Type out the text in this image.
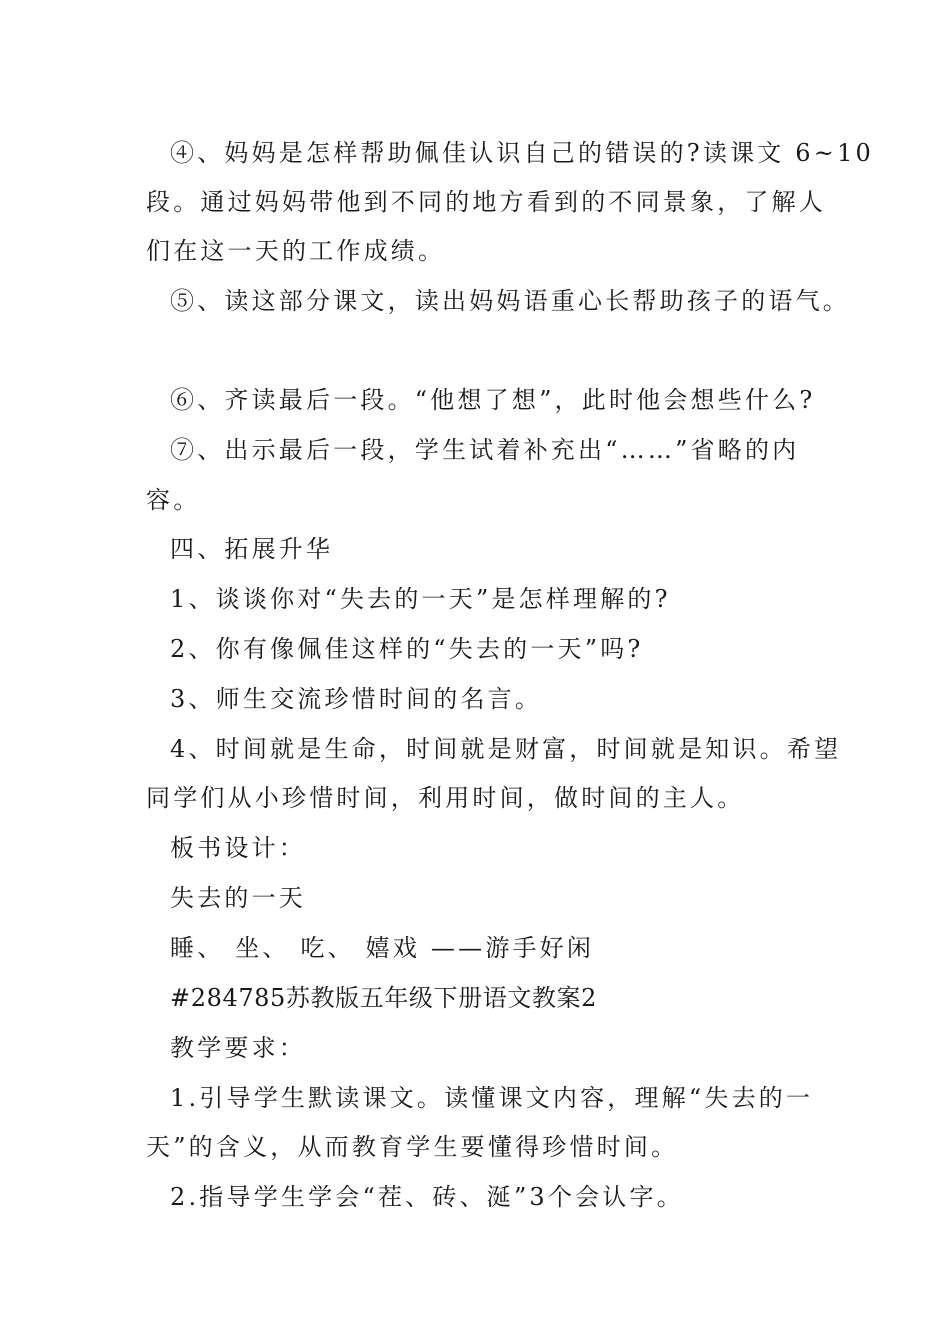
④、妈妈是怎样帮助佩佳认识自己的错误的?读课文 6~10
段。通过妈妈带他到不同的地方看到的不同景象，了解人
们在这一天的工作成绩。
⑤、读这部分课文，读出妈妈语重心长帮助孩子的语气。
⑥、齐读最后一段。“他想了想”，此时他会想些什么?
⑦、出示最后一段，学生试着补充出“……”省略的内
容。
四、拓展升华
1、谈谈你对“失去的一天”是怎样理解的?
2、你有像佩佳这样的“失去的一天”吗?
3、师生交流珍惜时间的名言。
4、时间就是生命，时间就是财富，时间就是知识。希望
同学们从小珍惜时间，利用时间，做时间的主人。
板书设计：
失去的一天
睡、 坐、 吃、 嬉戏 ——游手好闲
#284785苏教版五年级下册语文教案2
教学要求：
1.引导学生默读课文。读懂课文内容，理解“失去的一
天”的含义，从而教育学生要懂得珍惜时间。
2.指导学生学会“茬、砖、涎”3个会认字。
